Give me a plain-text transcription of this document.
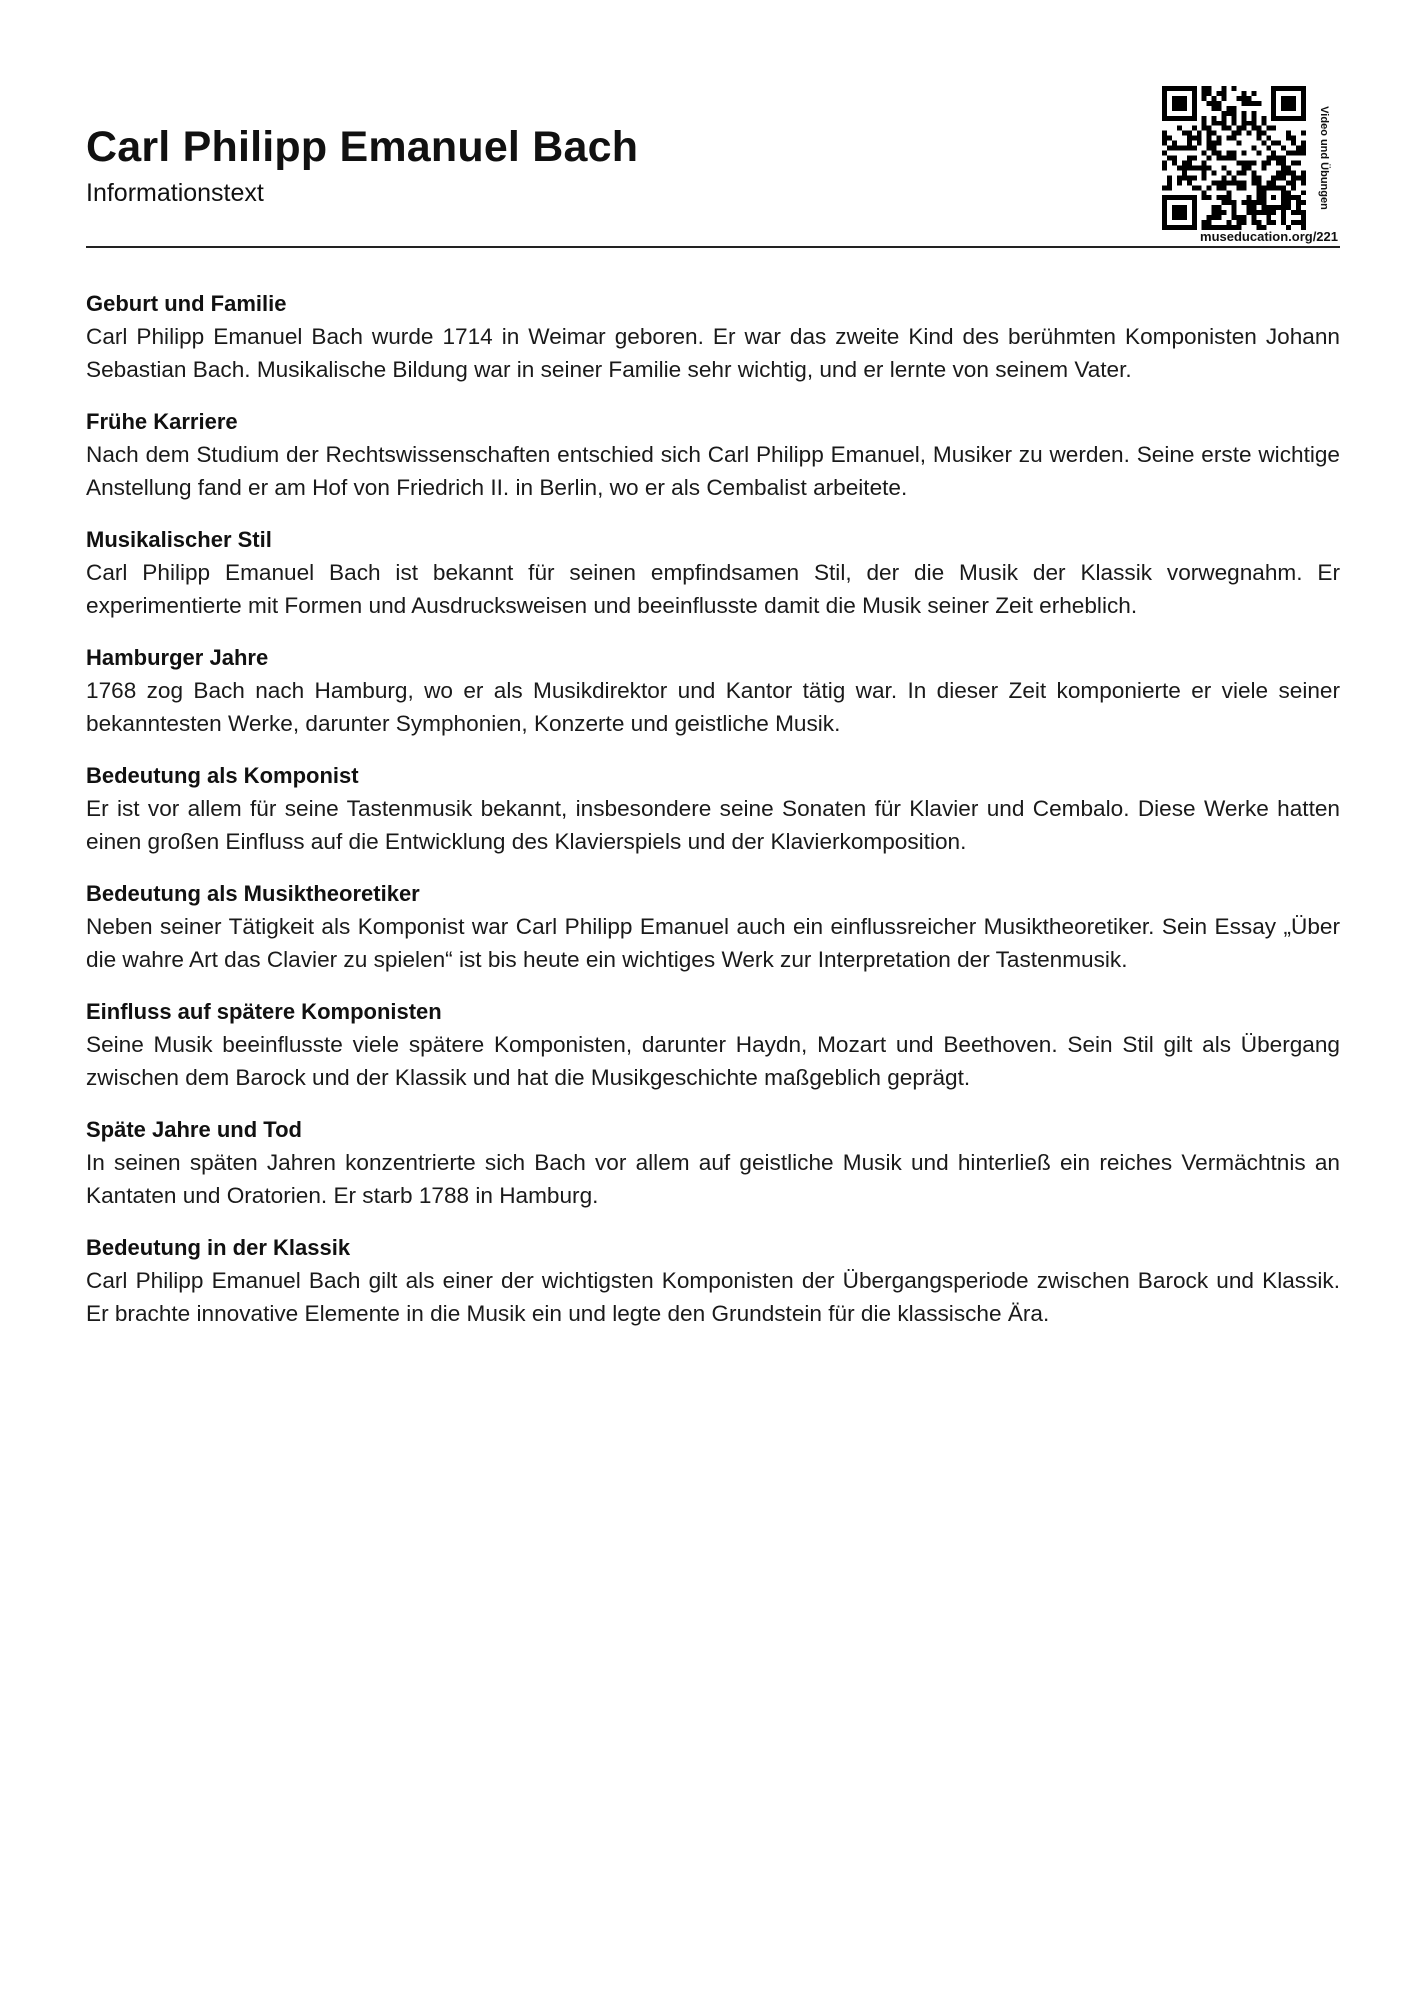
Carl Philipp Emanuel Bach
Informationstext	Video und Übungen
museducation.org/221
Geburt und Familie

Carl Philipp Emanuel Bach wurde 1714 in Weimar geboren. Er war das zweite Kind des berühmten Komponisten Johann Sebastian Bach. Musikalische Bildung war in seiner Familie sehr wichtig, und er lernte von seinem Vater.

Frühe Karriere

Nach dem Studium der Rechtswissenschaften entschied sich Carl Philipp Emanuel, Musiker zu werden. Seine erste wichtige Anstellung fand er am Hof von Friedrich II. in Berlin, wo er als Cembalist arbeitete.

Musikalischer Stil

Carl Philipp Emanuel Bach ist bekannt für seinen empfindsamen Stil, der die Musik der Klassik vorwegnahm. Er experimentierte mit Formen und Ausdrucksweisen und beeinflusste damit die Musik seiner Zeit erheblich.

Hamburger Jahre

1768 zog Bach nach Hamburg, wo er als Musikdirektor und Kantor tätig war. In dieser Zeit komponierte er viele seiner bekanntesten Werke, darunter Symphonien, Konzerte und geistliche Musik.

Bedeutung als Komponist

Er ist vor allem für seine Tastenmusik bekannt, insbesondere seine Sonaten für Klavier und Cembalo. Diese Werke hatten einen großen Einfluss auf die Entwicklung des Klavierspiels und der Klavierkomposition.

Bedeutung als Musiktheoretiker

Neben seiner Tätigkeit als Komponist war Carl Philipp Emanuel auch ein einflussreicher Musiktheoretiker. Sein Essay „Über die wahre Art das Clavier zu spielen“ ist bis heute ein wichtiges Werk zur Interpretation der Tastenmusik.

Einfluss auf spätere Komponisten

Seine Musik beeinflusste viele spätere Komponisten, darunter Haydn, Mozart und Beethoven. Sein Stil gilt als Übergang zwischen dem Barock und der Klassik und hat die Musikgeschichte maßgeblich geprägt.

Späte Jahre und Tod

In seinen späten Jahren konzentrierte sich Bach vor allem auf geistliche Musik und hinterließ ein reiches Vermächtnis an Kantaten und Oratorien. Er starb 1788 in Hamburg.

Bedeutung in der Klassik

Carl Philipp Emanuel Bach gilt als einer der wichtigsten Komponisten der Übergangsperiode zwischen Barock und Klassik. Er brachte innovative Elemente in die Musik ein und legte den Grundstein für die klassische Ära.
